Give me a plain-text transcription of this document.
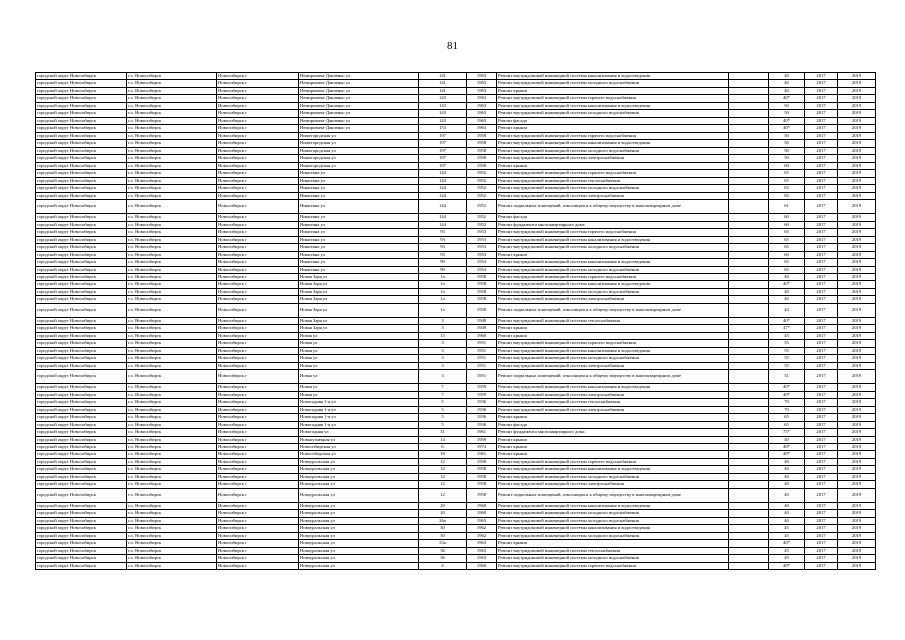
81
городской округ Новосибирск	г.о. Новосибирск	Новосибирск г	Немировича-Данченко ул	141	1963	Ремонт внутридомовой инженерной системы канализования и водоотведения		40	2017	2019
городской округ Новосибирск	г.о. Новосибирск	Новосибирск г	Немировича-Данченко ул	141	1963	Ремонт внутридомовой инженерной системы холодного водоснабжения		40	2017	2019
городской округ Новосибирск	г.о. Новосибирск	Новосибирск г	Немировича-Данченко ул	141	1963	Ремонт крыши		40	2017	2019
городской округ Новосибирск	г.о. Новосибирск	Новосибирск г	Немировича-Данченко ул	143	1963	Ремонт внутридомовой инженерной системы горячего водоснабжения		40*	2017	2019
городской округ Новосибирск	г.о. Новосибирск	Новосибирск г	Немировича-Данченко ул	143	1963	Ремонт внутридомовой инженерной системы канализования и водоотведения		50	2017	2019
городской округ Новосибирск	г.о. Новосибирск	Новосибирск г	Немировича-Данченко ул	143	1963	Ремонт внутридомовой инженерной системы холодного водоснабжения		50	2017	2019
городской округ Новосибирск	г.о. Новосибирск	Новосибирск г	Немировича-Данченко ул	143	1963	Ремонт фасада		40*	2017	2019
городской округ Новосибирск	г.о. Новосибирск	Новосибирск г	Немировича-Данченко ул	153	1963	Ремонт крыши		40*	2017	2019
городской округ Новосибирск	г.о. Новосибирск	Новосибирск г	Нижегородская ул	197	1958	Ремонт внутридомовой инженерной системы горячего водоснабжения		50	2017	2019
городской округ Новосибирск	г.о. Новосибирск	Новосибирск г	Нижегородская ул	197	1958	Ремонт внутридомовой инженерной системы канализования и водоотведения		50	2017	2019
городской округ Новосибирск	г.о. Новосибирск	Новосибирск г	Нижегородская ул	197	1958	Ремонт внутридомовой инженерной системы холодного водоснабжения		50	2017	2019
городской округ Новосибирск	г.о. Новосибирск	Новосибирск г	Нижегородская ул	197	1958	Ремонт внутридомовой инженерной системы электроснабжения		50	2017	2019
городской округ Новосибирск	г.о. Новосибирск	Новосибирск г	Нижегородская ул	197	1958	Ремонт крыши		60	2017	2019
городской округ Новосибирск	г.о. Новосибирск	Новосибирск г	Никитина ул	144	1952	Ремонт внутридомовой инженерной системы горячего водоснабжения		65	2017	2019
городской округ Новосибирск	г.о. Новосибирск	Новосибирск г	Никитина ул	144	1952	Ремонт внутридомовой инженерной системы теплоснабжения		65	2017	2019
городской округ Новосибирск	г.о. Новосибирск	Новосибирск г	Никитина ул	144	1952	Ремонт внутридомовой инженерной системы холодного водоснабжения		65	2017	2019
городской округ Новосибирск	г.о. Новосибирск	Новосибирск г	Никитина ул	144	1952	Ремонт внутридомовой инженерной системы электроснабжения		65	2017	2019
городской округ Новосибирск	г.о. Новосибирск	Новосибирск г	Никитина ул	144	1952	Ремонт подвальных помещений, относящихся к общему имуществу в многоквартирном доме		61	2017	2019
городской округ Новосибирск	г.о. Новосибирск	Новосибирск г	Никитина ул	144	1952	Ремонт фасада		60	2017	2019
городской округ Новосибирск	г.о. Новосибирск	Новосибирск г	Никитина ул	144	1952	Ремонт фундамента многоквартирного дома		60	2017	2019
городской округ Новосибирск	г.о. Новосибирск	Новосибирск г	Никитина ул	93	1953	Ремонт внутридомовой инженерной системы горячего водоснабжения		65	2017	2019
городской округ Новосибирск	г.о. Новосибирск	Новосибирск г	Никитина ул	93	1953	Ремонт внутридомовой инженерной системы канализования и водоотведения		65	2017	2019
городской округ Новосибирск	г.о. Новосибирск	Новосибирск г	Никитина ул	93	1953	Ремонт внутридомовой инженерной системы холодного водоснабжения		65	2017	2019
городской округ Новосибирск	г.о. Новосибирск	Новосибирск г	Никитина ул	93	1953	Ремонт крыши		60	2017	2019
городской округ Новосибирск	г.о. Новосибирск	Новосибирск г	Никитина ул	99	1954	Ремонт внутридомовой инженерной системы канализования и водоотведения		65	2017	2019
городской округ Новосибирск	г.о. Новосибирск	Новосибирск г	Никитина ул	99	1954	Ремонт внутридомовой инженерной системы холодного водоснабжения		65	2017	2019
городской округ Новосибирск	г.о. Новосибирск	Новосибирск г	Новая Заря ул	1а	1958	Ремонт внутридомовой инженерной системы горячего водоснабжения		40	2017	2019
городской округ Новосибирск	г.о. Новосибирск	Новосибирск г	Новая Заря ул	1а	1958	Ремонт внутридомовой инженерной системы канализования и водоотведения		40*	2017	2019
городской округ Новосибирск	г.о. Новосибирск	Новосибирск г	Новая Заря ул	1а	1958	Ремонт внутридомовой инженерной системы холодного водоснабжения		40	2017	2019
городской округ Новосибирск	г.о. Новосибирск	Новосибирск г	Новая Заря ул	1а	1958	Ремонт внутридомовой инженерной системы электроснабжения		40	2017	2019
городской округ Новосибирск	г.о. Новосибирск	Новосибирск г	Новая Заря ул	1а	1958	Ремонт подвальных помещений, относящихся к общему имуществу в многоквартирном доме		44	2017	2019
городской округ Новосибирск	г.о. Новосибирск	Новосибирск г	Новая Заря ул	3	1949	Ремонт внутридомовой инженерной системы теплоснабжения		40*	2017	2019
городской округ Новосибирск	г.о. Новосибирск	Новосибирск г	Новая Заря ул	3	1949	Ремонт крыши		47*	2017	2019
городской округ Новосибирск	г.о. Новосибирск	Новосибирск г	Новая ул	15	1960	Ремонт крыши		45	2017	2019
городской округ Новосибирск	г.о. Новосибирск	Новосибирск г	Новая ул	3	1951	Ремонт внутридомовой инженерной системы горячего водоснабжения		55	2017	2019
городской округ Новосибирск	г.о. Новосибирск	Новосибирск г	Новая ул	3	1951	Ремонт внутридомовой инженерной системы канализования и водоотведения		55	2017	2019
городской округ Новосибирск	г.о. Новосибирск	Новосибирск г	Новая ул	3	1951	Ремонт внутридомовой инженерной системы холодного водоснабжения		55	2017	2019
городской округ Новосибирск	г.о. Новосибирск	Новосибирск г	Новая ул	3	1951	Ремонт внутридомовой инженерной системы электроснабжения		55	2017	2019
городской округ Новосибирск	г.о. Новосибирск	Новосибирск г	Новая ул	3	1951	Ремонт подвальных помещений, относящихся к общему имуществу в многоквартирном доме		51	2017	2019
городской округ Новосибирск	г.о. Новосибирск	Новосибирск г	Новая ул	7	1959	Ремонт внутридомовой инженерной системы канализования и водоотведения		40*	2017	2019
городской округ Новосибирск	г.о. Новосибирск	Новосибирск г	Новая ул	7	1959	Ремонт внутридомовой инженерной системы электроснабжения		40*	2017	2019
городской округ Новосибирск	г.о. Новосибирск	Новосибирск г	Новогодняя 1-я ул	5	1936	Ремонт внутридомовой инженерной системы теплоснабжения		70	2017	2019
городской округ Новосибирск	г.о. Новосибирск	Новосибирск г	Новогодняя 1-я ул	5	1936	Ремонт внутридомовой инженерной системы электроснабжения		70	2017	2019
городской округ Новосибирск	г.о. Новосибирск	Новосибирск г	Новогодняя 1-я ул	5	1936	Ремонт крыши		65	2017	2019
городской округ Новосибирск	г.о. Новосибирск	Новосибирск г	Новогодняя 1-я ул	5	1936	Ремонт фасада		65	2017	2019
городской округ Новосибирск	г.о. Новосибирск	Новосибирск г	Новогодняя ул	31	1961	Ремонт фундамента многоквартирного дома		75*	2017	2019
городской округ Новосибирск	г.о. Новосибирск	Новосибирск г	Новокузнецкая ул	14	1959	Ремонт крыши		40	2017	2019
городской округ Новосибирск	г.о. Новосибирск	Новосибирск г	Новосибирская ул	6	1974	Ремонт крыши		40*	2017	2019
городской округ Новосибирск	г.о. Новосибирск	Новосибирск г	Новосибирская ул	18	1961	Ремонт крыши		40*	2017	2019
городской округ Новосибирск	г.о. Новосибирск	Новосибирск г	Новоуральская ул	12	1958	Ремонт внутридомовой инженерной системы горячего водоснабжения		40	2017	2019
городской округ Новосибирск	г.о. Новосибирск	Новосибирск г	Новоуральская ул	12	1958	Ремонт внутридомовой инженерной системы канализования и водоотведения		40	2017	2019
городской округ Новосибирск	г.о. Новосибирск	Новосибирск г	Новоуральская ул	12	1958	Ремонт внутридомовой инженерной системы холодного водоснабжения		40	2017	2019
городской округ Новосибирск	г.о. Новосибирск	Новосибирск г	Новоуральская ул	12	1958	Ремонт внутридомовой инженерной системы электроснабжения		40	2017	2019
городской округ Новосибирск	г.о. Новосибирск	Новосибирск г	Новоуральская ул	12	1958	Ремонт подвальных помещений, относящихся к общему имуществу в многоквартирном доме		40	2017	2019
городской округ Новосибирск	г.о. Новосибирск	Новосибирск г	Новоуральская ул	20	1960	Ремонт внутридомовой инженерной системы канализования и водоотведения		40	2017	2019
городской округ Новосибирск	г.о. Новосибирск	Новосибирск г	Новоуральская ул	20	1960	Ремонт внутридомовой инженерной системы холодного водоснабжения		40	2017	2019
городской округ Новосибирск	г.о. Новосибирск	Новосибирск г	Новоуральская ул	26а	1963	Ремонт внутридомовой инженерной системы холодного водоснабжения		40	2017	2019
городской округ Новосибирск	г.о. Новосибирск	Новосибирск г	Новоуральская ул	30	1962	Ремонт внутридомовой инженерной системы канализования и водоотведения		45	2017	2019
городской округ Новосибирск	г.о. Новосибирск	Новосибирск г	Новоуральская ул	30	1962	Ремонт внутридомовой инженерной системы холодного водоснабжения		45	2017	2019
городской округ Новосибирск	г.о. Новосибирск	Новосибирск г	Новоуральская ул	33а	1963	Ремонт крыши		40*	2017	2019
городской округ Новосибирск	г.о. Новосибирск	Новосибирск г	Новоуральская ул	36	1963	Ремонт внутридомовой инженерной системы теплоснабжения		45	2017	2019
городской округ Новосибирск	г.о. Новосибирск	Новосибирск г	Новоуральская ул	36	1963	Ремонт внутридомовой инженерной системы холодного водоснабжения		45	2017	2019
городской округ Новосибирск	г.о. Новосибирск	Новосибирск г	Новоуральская ул	4	1960	Ремонт внутридомовой инженерной системы горячего водоснабжения		40*	2017	2019
